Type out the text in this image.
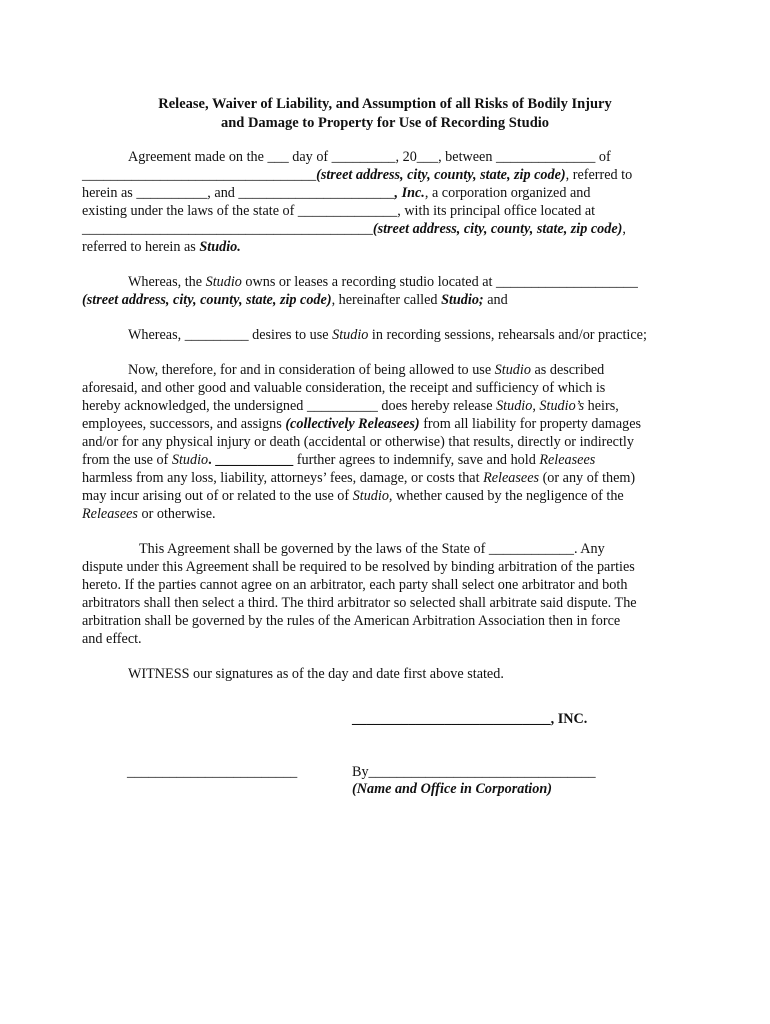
Release, Waiver of Liability, and Assumption of all Risks of Bodily Injury
and Damage to Property for Use of Recording Studio
Agreement made on the ___ day of _________, 20___, between ______________ of
_________________________________(street address, city, county, state, zip code), referred to
herein as __________, and ______________________, Inc., a corporation organized and
existing under the laws of the state of ______________, with its principal office located at
_________________________________________(street address, city, county, state, zip code),
referred to herein as Studio.
Whereas, the Studio owns or leases a recording studio located at ____________________
(street address, city, county, state, zip code), hereinafter called Studio; and
Whereas, _________ desires to use Studio in recording sessions, rehearsals and/or practice;
Now, therefore, for and in consideration of being allowed to use Studio as described
aforesaid, and other good and valuable consideration, the receipt and sufficiency of which is
hereby acknowledged, the undersigned __________ does hereby release Studio, Studio’s heirs,
employees, successors, and assigns (collectively Releasees) from all liability for property damages
and/or for any physical injury or death (accidental or otherwise) that results, directly or indirectly
from the use of Studio. ___________ further agrees to indemnify, save and hold Releasees
harmless from any loss, liability, attorneys’ fees, damage, or costs that Releasees (or any of them)
may incur arising out of or related to the use of Studio, whether caused by the negligence of the
Releasees or otherwise.
This Agreement shall be governed by the laws of the State of ____________. Any
dispute under this Agreement shall be required to be resolved by binding arbitration of the parties
hereto. If the parties cannot agree on an arbitrator, each party shall select one arbitrator and both
arbitrators shall then select a third. The third arbitrator so selected shall arbitrate said dispute. The
arbitration shall be governed by the rules of the American Arbitration Association then in force
and effect.
WITNESS our signatures as of the day and date first above stated.
____________________________, INC.
________________________	By________________________________
(Name and Office in Corporation)
